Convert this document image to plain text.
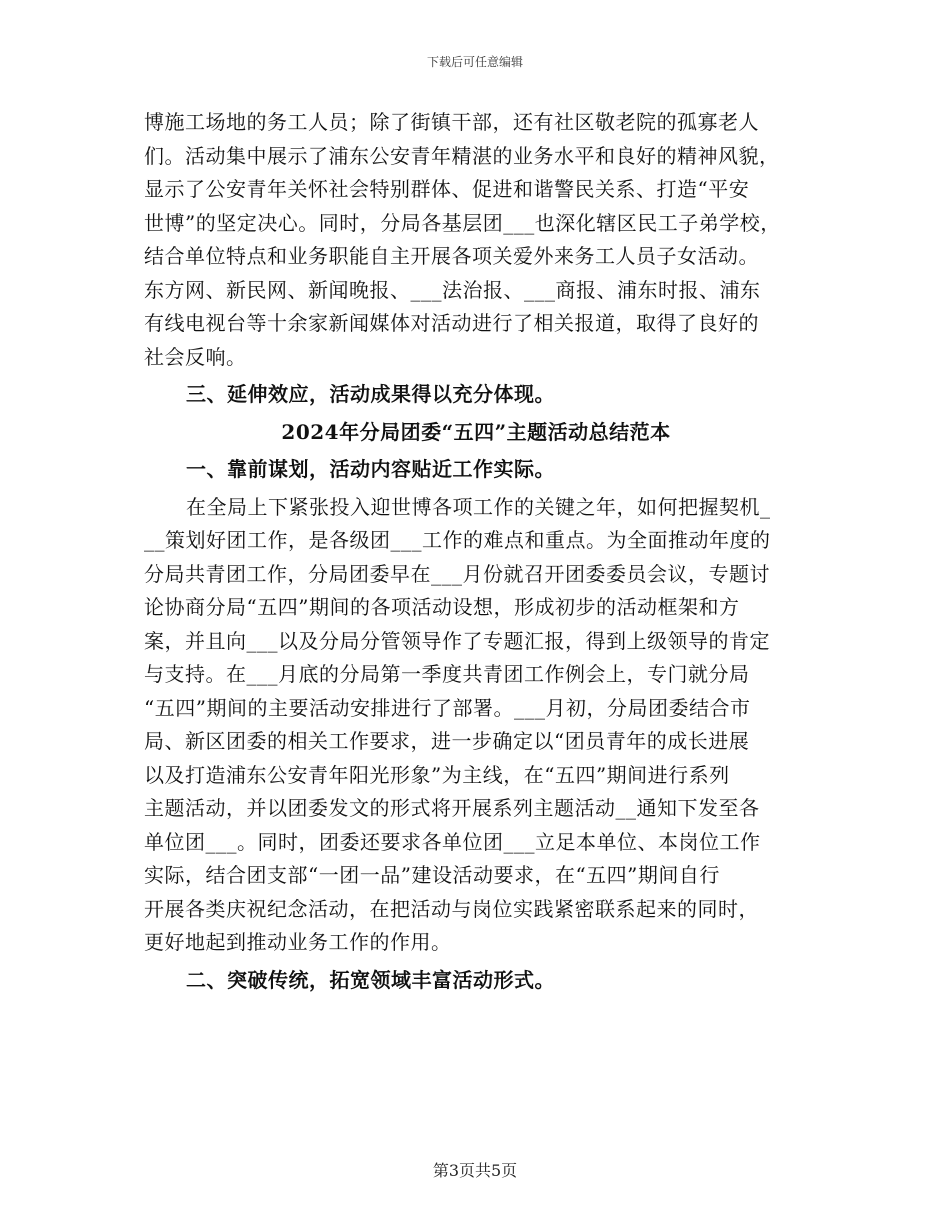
下载后可任意编辑
博施工场地的务工人员；除了街镇干部，还有社区敬老院的孤寡老人
们。活动集中展示了浦东公安青年精湛的业务水平和良好的精神风貌，
显示了公安青年关怀社会特别群体、促进和谐警民关系、打造“平安
世博”的坚定决心。同时，分局各基层团___也深化辖区民工子弟学校，
结合单位特点和业务职能自主开展各项关爱外来务工人员子女活动。
东方网、新民网、新闻晚报、___法治报、___商报、浦东时报、浦东
有线电视台等十余家新闻媒体对活动进行了相关报道，取得了良好的
社会反响。
三、延伸效应，活动成果得以充分体现。
2024年分局团委“五四”主题活动总结范本
一、靠前谋划，活动内容贴近工作实际。
在全局上下紧张投入迎世博各项工作的关键之年，如何把握契机_
__策划好团工作，是各级团___工作的难点和重点。为全面推动年度的
分局共青团工作，分局团委早在___月份就召开团委委员会议，专题讨
论协商分局“五四”期间的各项活动设想，形成初步的活动框架和方
案，并且向___以及分局分管领导作了专题汇报，得到上级领导的肯定
与支持。在___月底的分局第一季度共青团工作例会上，专门就分局
“五四”期间的主要活动安排进行了部署。___月初，分局团委结合市
局、新区团委的相关工作要求，进一步确定以“团员青年的成长进展
以及打造浦东公安青年阳光形象”为主线，在“五四”期间进行系列
主题活动，并以团委发文的形式将开展系列主题活动__通知下发至各
单位团___。同时，团委还要求各单位团___立足本单位、本岗位工作
实际，结合团支部“一团一品”建设活动要求，在“五四”期间自行
开展各类庆祝纪念活动，在把活动与岗位实践紧密联系起来的同时，
更好地起到推动业务工作的作用。
二、突破传统，拓宽领域丰富活动形式。
第3页共5页
